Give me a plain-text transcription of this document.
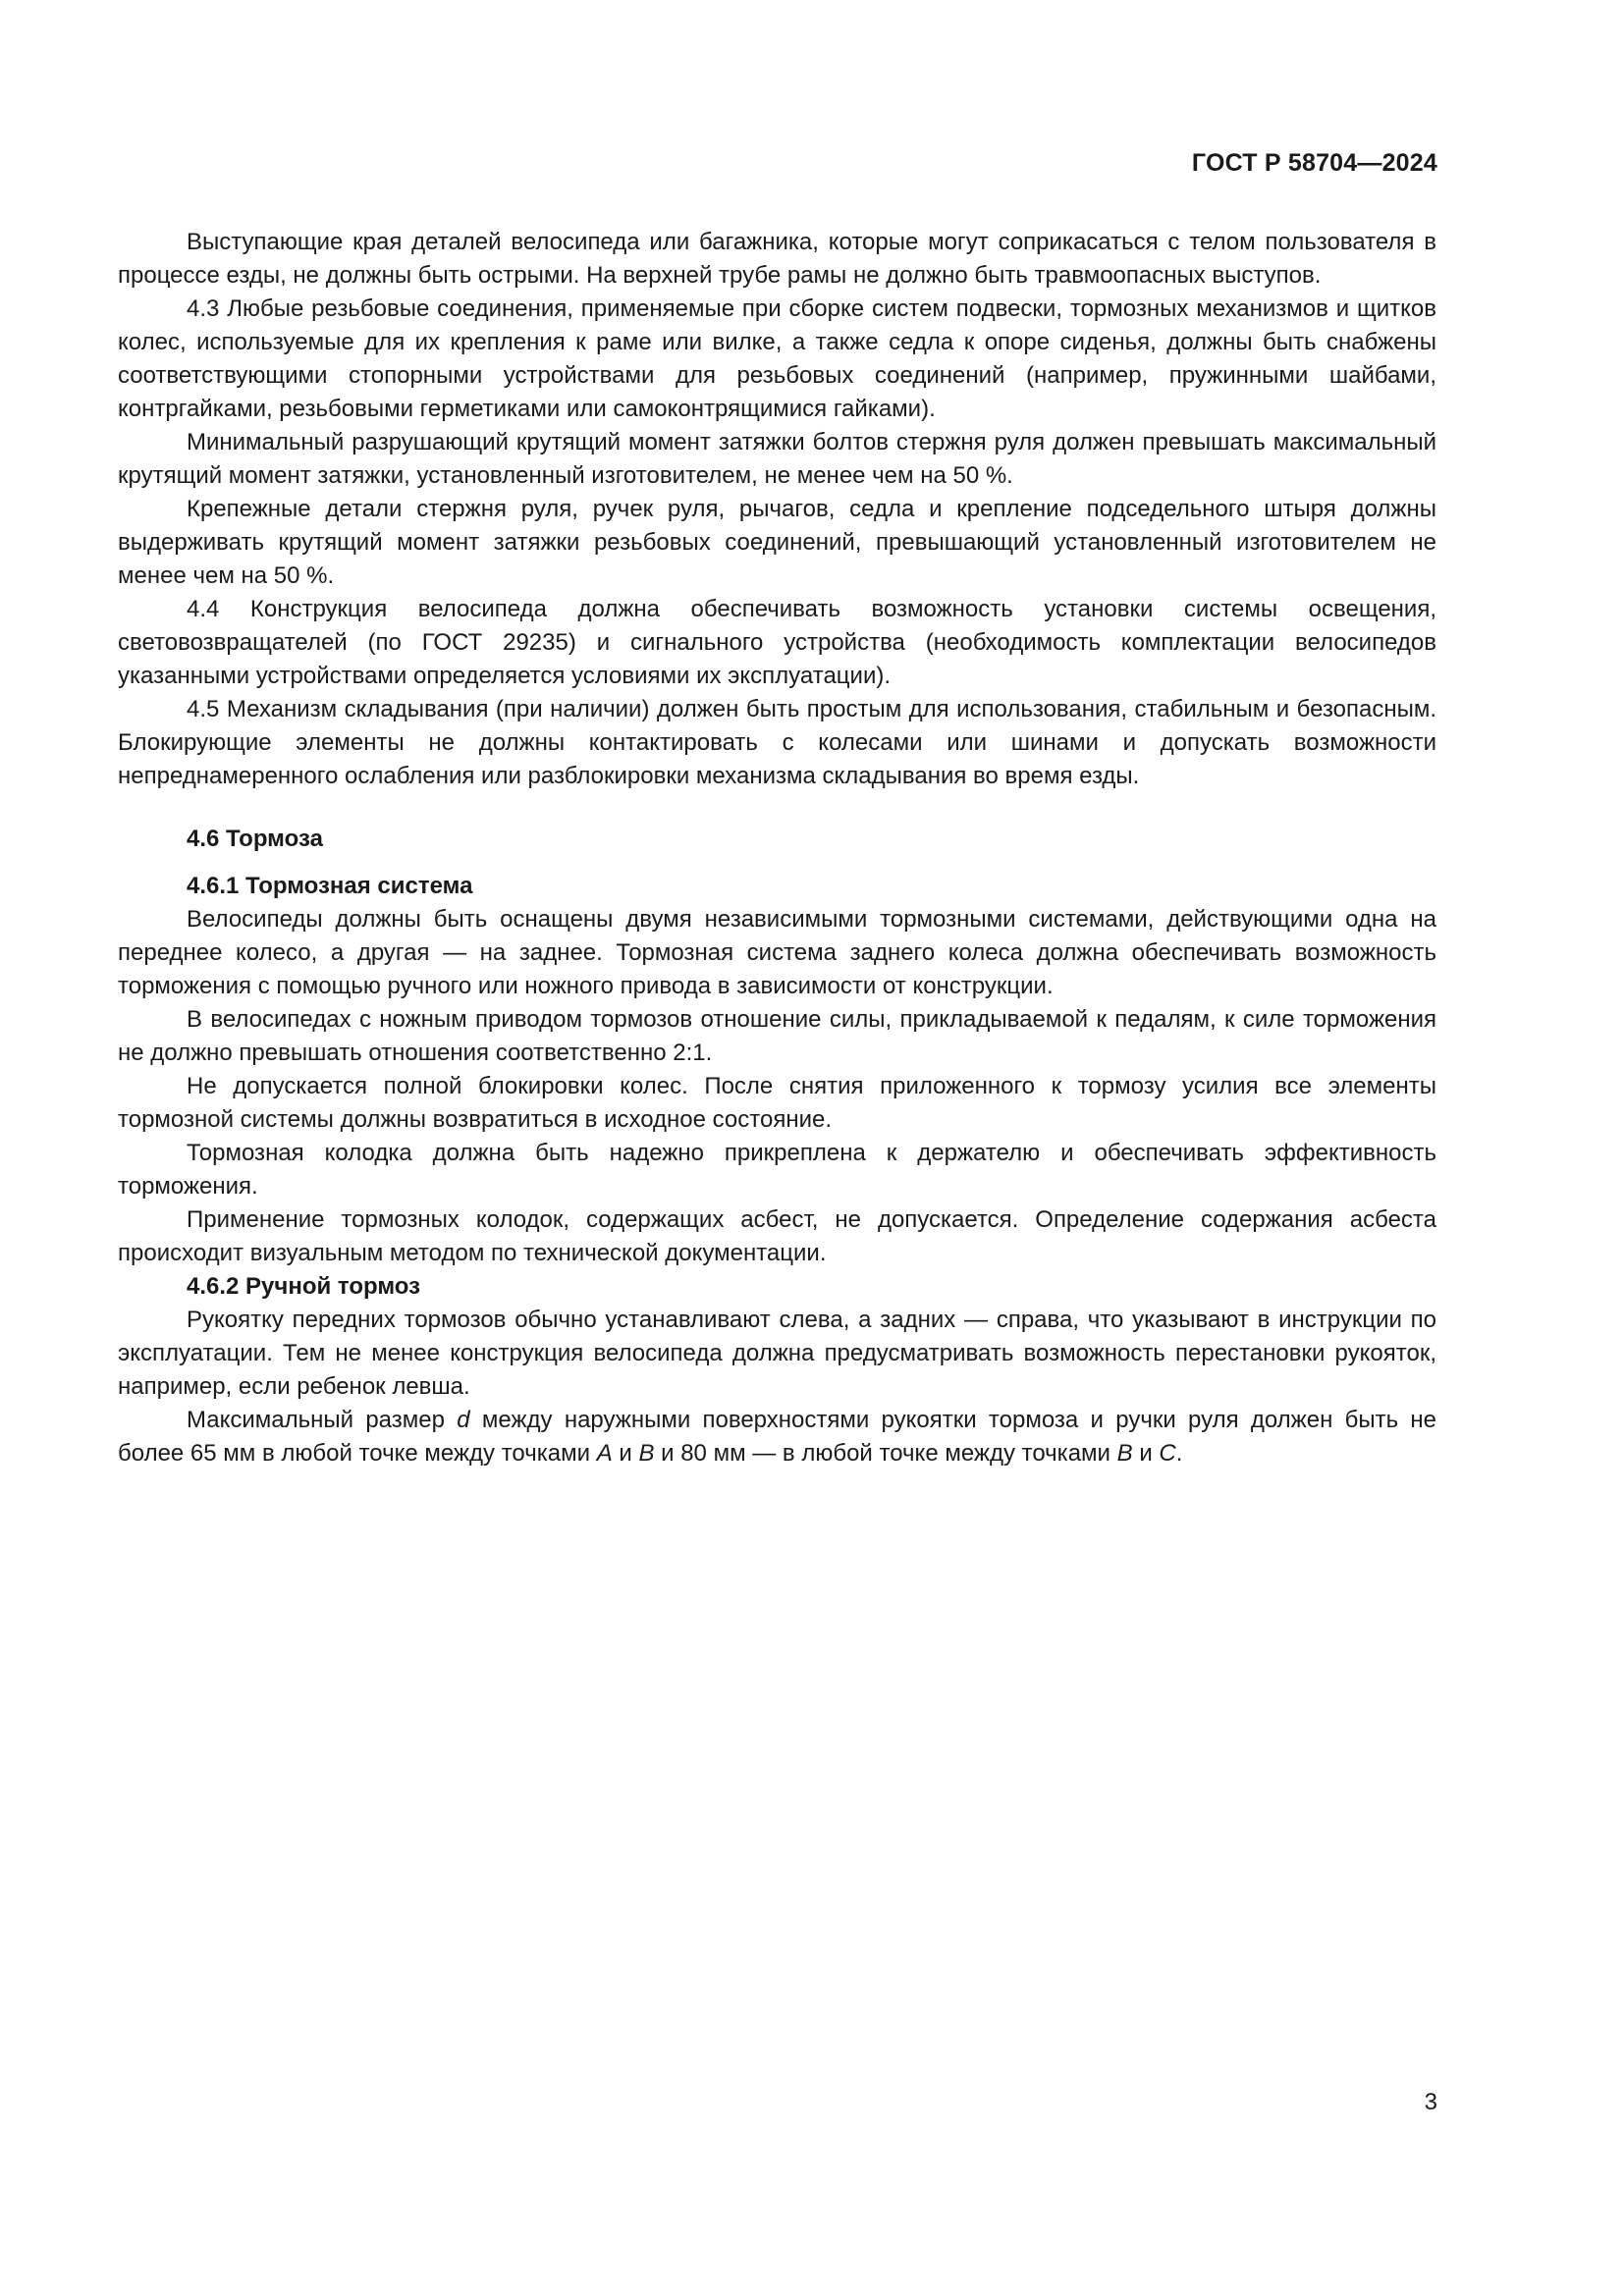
ГОСТ Р 58704—2024

Выступающие края деталей велосипеда или багажника, которые могут соприкасаться с телом пользователя в процессе езды, не должны быть острыми. На верхней трубе рамы не должно быть травмоопасных выступов.

4.3 Любые резьбовые соединения, применяемые при сборке систем подвески, тормозных механизмов и щитков колес, используемые для их крепления к раме или вилке, а также седла к опоре сиденья, должны быть снабжены соответствующими стопорными устройствами для резьбовых соединений (например, пружинными шайбами, контргайками, резьбовыми герметиками или самоконтрящимися гайками).

Минимальный разрушающий крутящий момент затяжки болтов стержня руля должен превышать максимальный крутящий момент затяжки, установленный изготовителем, не менее чем на 50 %.

Крепежные детали стержня руля, ручек руля, рычагов, седла и крепление подседельного штыря должны выдерживать крутящий момент затяжки резьбовых соединений, превышающий установленный изготовителем не менее чем на 50 %.

4.4 Конструкция велосипеда должна обеспечивать возможность установки системы освещения, световозвращателей (по ГОСТ 29235) и сигнального устройства (необходимость комплектации велосипедов указанными устройствами определяется условиями их эксплуатации).

4.5 Механизм складывания (при наличии) должен быть простым для использования, стабильным и безопасным. Блокирующие элементы не должны контактировать с колесами или шинами и допускать возможности непреднамеренного ослабления или разблокировки механизма складывания во время езды.

4.6 Тормоза
4.6.1 Тормозная система

Велосипеды должны быть оснащены двумя независимыми тормозными системами, действующими одна на переднее колесо, а другая — на заднее. Тормозная система заднего колеса должна обеспечивать возможность торможения с помощью ручного или ножного привода в зависимости от конструкции.

В велосипедах с ножным приводом тормозов отношение силы, прикладываемой к педалям, к силе торможения не должно превышать отношения соответственно 2:1.

Не допускается полной блокировки колес. После снятия приложенного к тормозу усилия все элементы тормозной системы должны возвратиться в исходное состояние.

Тормозная колодка должна быть надежно прикреплена к держателю и обеспечивать эффективность торможения.

Применение тормозных колодок, содержащих асбест, не допускается. Определение содержания асбеста происходит визуальным методом по технической документации.

4.6.2 Ручной тормоз

Рукоятку передних тормозов обычно устанавливают слева, а задних — справа, что указывают в инструкции по эксплуатации. Тем не менее конструкция велосипеда должна предусматривать возможность перестановки рукояток, например, если ребенок левша.

Максимальный размер d между наружными поверхностями рукоятки тормоза и ручки руля должен быть не более 65 мм в любой точке между точками A и B и 80 мм — в любой точке между точками B и C.

3
